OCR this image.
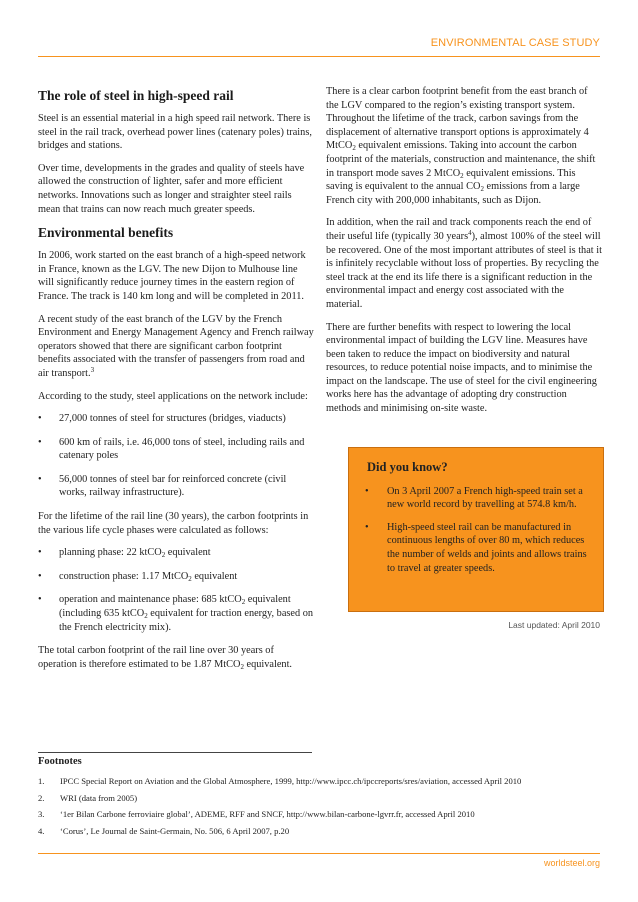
ENVIRONMENTAL CASE STUDY
The role of steel in high-speed rail

Steel is an essential material in a high speed rail network. There is steel in the rail track, overhead power lines (catenary poles) trains, bridges and stations.

Over time, developments in the grades and quality of steels have allowed the construction of lighter, safer and more efficient networks. Innovations such as longer and straighter steel rails mean that trains can now reach much greater speeds.

Environmental benefits

In 2006, work started on the east branch of a high-speed network in France, known as the LGV. The new Dijon to Mulhouse line will significantly reduce journey times in the eastern region of France. The track is 140 km long and will be completed in 2011.

A recent study of the east branch of the LGV by the French Environment and Energy Management Agency and French railway operators showed that there are significant carbon footprint benefits associated with the transfer of passengers from road and air transport.$^3$

According to the study, steel applications on the network include:

• 27,000 tonnes of steel for structures (bridges, viaducts)
• 600 km of rails, i.e. 46,000 tons of steel, including rails and catenary poles
• 56,000 tonnes of steel bar for reinforced concrete (civil works, railway infrastructure).

For the lifetime of the rail line (30 years), the carbon footprints in the various life cycle phases were calculated as follows:

• planning phase: 22 ktCO$_2$ equivalent
• construction phase: 1.17 MtCO$_2$ equivalent
• operation and maintenance phase: 685 ktCO$_2$ equivalent (including 635 ktCO$_2$ equivalent for traction energy, based on the French electricity mix).

The total carbon footprint of the rail line over 30 years of operation is therefore estimated to be 1.87 MtCO$_2$ equivalent.

There is a clear carbon footprint benefit from the east branch of the LGV compared to the region’s existing transport system. Throughout the lifetime of the track, carbon savings from the displacement of alternative transport options is approximately 4 MtCO$_2$ equivalent emissions. Taking into account the carbon footprint of the materials, construction and maintenance, the shift in transport mode saves 2 MtCO$_2$ equivalent emissions. This saving is equivalent to the annual $CO_2$ emissions from a large French city with 200,000 inhabitants, such as Dijon.

In addition, when the rail and track components reach the end of their useful life (typically 30 years$^4$), almost 100% of the steel will be recovered. One of the most important attributes of steel is that it is infinitely recyclable without loss of properties. By recycling the steel track at the end its life there is a significant reduction in the environmental impact and energy cost associated with the material.

There are further benefits with respect to lowering the local environmental impact of building the LGV line. Measures have been taken to reduce the impact on biodiversity and natural resources, to reduce potential noise impacts, and to minimise the impact on the landscape. The use of steel for the civil engineering works here has the advantage of adopting dry construction methods and minimising on-site waste.

Did you know?
• On 3 April 2007 a French high-speed train set a new world record by travelling at 574.8 km/h.
• High-speed steel rail can be manufactured in continuous lengths of over 80 m, which reduces the number of welds and joints and allows trains to travel at greater speeds.
Last updated: April 2010
Footnotes
1.	IPCC Special Report on Aviation and the Global Atmosphere, 1999, http://www.ipcc.ch/ipccreports/sres/aviation, accessed April 2010
2.	WRI (data from 2005)
3.	‘1er Bilan Carbone ferroviaire global’, ADEME, RFF and SNCF, http://www.bilan-carbone-lgvrr.fr, accessed April 2010
4.	‘Corus’, Le Journal de Saint-Germain, No. 506, 6 April 2007, p.20
worldsteel.org
